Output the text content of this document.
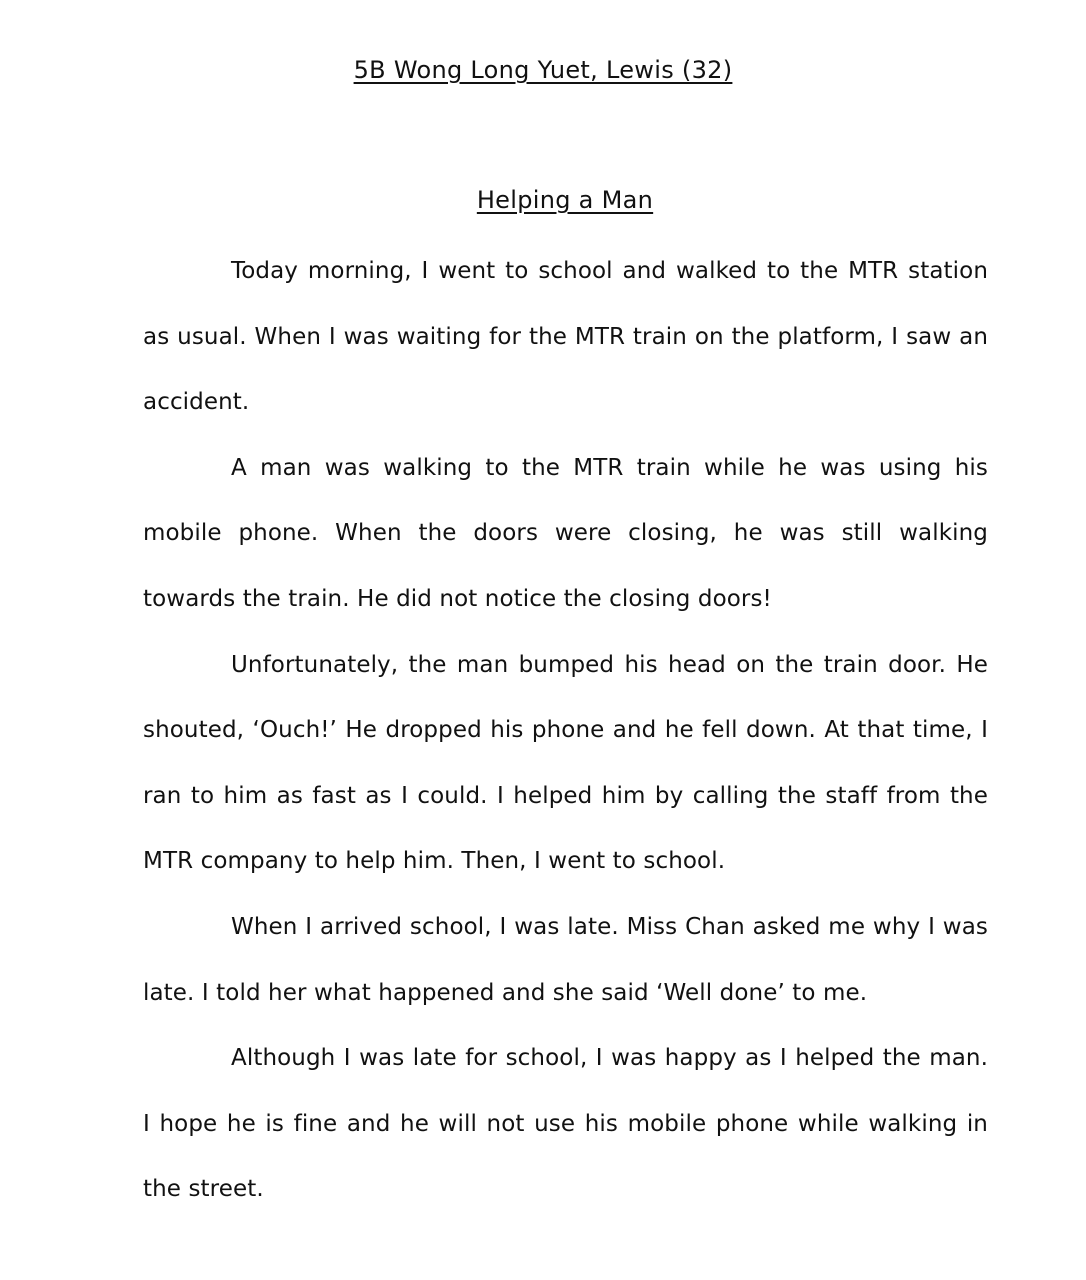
5B Wong Long Yuet, Lewis (32)
Helping a Man

Today morning, I went to school and walked to the MTR station as usual. When I was waiting for the MTR train on the platform, I saw an accident.

A man was walking to the MTR train while he was using his mobile phone. When the doors were closing, he was still walking towards the train. He did not notice the closing doors!

Unfortunately, the man bumped his head on the train door. He shouted, ‘Ouch!’ He dropped his phone and he fell down. At that time, I ran to him as fast as I could. I helped him by calling the staff from the MTR company to help him. Then, I went to school.

When I arrived school, I was late. Miss Chan asked me why I was late. I told her what happened and she said ‘Well done’ to me.

Although I was late for school, I was happy as I helped the man. I hope he is fine and he will not use his mobile phone while walking in the street.
